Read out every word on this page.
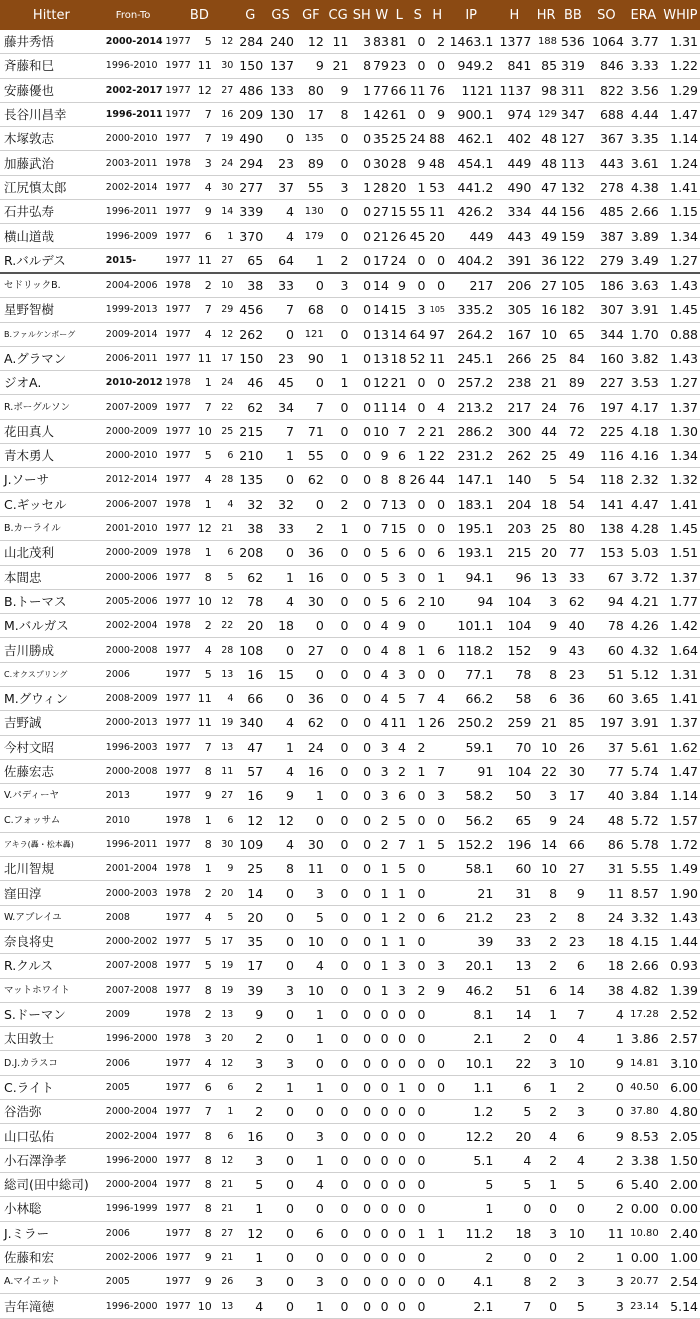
Hitter	Fron-To	BD			G	GS	GF	CG	SH	W	L	S	H	IP	H	HR	BB	SO	ERA	WHIP
藤井秀悟	2000-2014	1977	5	12	284	240	12	11	3	83	81	0	2	1463.1	1377	188	536	1064	3.77	1.31
斉藤和巳	1996-2010	1977	11	30	150	137	9	21	8	79	23	0	0	949.2	841	85	319	846	3.33	1.22
安藤優也	2002-2017	1977	12	27	486	133	80	9	1	77	66	11	76	1121	1137	98	311	822	3.56	1.29
長谷川昌幸	1996-2011	1977	7	16	209	130	17	8	1	42	61	0	9	900.1	974	129	347	688	4.44	1.47
木塚敦志	2000-2010	1977	7	19	490	0	135	0	0	35	25	24	88	462.1	402	48	127	367	3.35	1.14
加藤武治	2003-2011	1978	3	24	294	23	89	0	0	30	28	9	48	454.1	449	48	113	443	3.61	1.24
江尻慎太郎	2002-2014	1977	4	30	277	37	55	3	1	28	20	1	53	441.2	490	47	132	278	4.38	1.41
石井弘寿	1996-2011	1977	9	14	339	4	130	0	0	27	15	55	11	426.2	334	44	156	485	2.66	1.15
横山道哉	1996-2009	1977	6	1	370	4	179	0	0	21	26	45	20	449	443	49	159	387	3.89	1.34
R.バルデス	2015-	1977	11	27	65	64	1	2	0	17	24	0	0	404.2	391	36	122	279	3.49	1.27
セドリックB.	2004-2006	1978	2	10	38	33	0	3	0	14	9	0	0	217	206	27	105	186	3.63	1.43
星野智樹	1999-2013	1977	7	29	456	7	68	0	0	14	15	3	105	335.2	305	16	182	307	3.91	1.45
B.ファルケンボーグ	2009-2014	1977	4	12	262	0	121	0	0	13	14	64	97	264.2	167	10	65	344	1.70	0.88
A.グラマン	2006-2011	1977	11	17	150	23	90	1	0	13	18	52	11	245.1	266	25	84	160	3.82	1.43
ジオA.	2010-2012	1978	1	24	46	45	0	1	0	12	21	0	0	257.2	238	21	89	227	3.53	1.27
R.ボーグルソン	2007-2009	1977	7	22	62	34	7	0	0	11	14	0	4	213.2	217	24	76	197	4.17	1.37
花田真人	2000-2009	1977	10	25	215	7	71	0	0	10	7	2	21	286.2	300	44	72	225	4.18	1.30
青木勇人	2000-2010	1977	5	6	210	1	55	0	0	9	6	1	22	231.2	262	25	49	116	4.16	1.34
J.ソーサ	2012-2014	1977	4	28	135	0	62	0	0	8	8	26	44	147.1	140	5	54	118	2.32	1.32
C.ギッセル	2006-2007	1978	1	4	32	32	0	2	0	7	13	0	0	183.1	204	18	54	141	4.47	1.41
B.カーライル	2001-2010	1977	12	21	38	33	2	1	0	7	15	0	0	195.1	203	25	80	138	4.28	1.45
山北茂利	2000-2009	1978	1	6	208	0	36	0	0	5	6	0	6	193.1	215	20	77	153	5.03	1.51
本間忠	2000-2006	1977	8	5	62	1	16	0	0	5	3	0	1	94.1	96	13	33	67	3.72	1.37
B.トーマス	2005-2006	1977	10	12	78	4	30	0	0	5	6	2	10	94	104	3	62	94	4.21	1.77
M.バルガス	2002-2004	1978	2	22	20	18	0	0	0	4	9	0		101.1	104	9	40	78	4.26	1.42
吉川勝成	2000-2008	1977	4	28	108	0	27	0	0	4	8	1	6	118.2	152	9	43	60	4.32	1.64
C.オクスプリング	2006	1977	5	13	16	15	0	0	0	4	3	0	0	77.1	78	8	23	51	5.12	1.31
M.グウィン	2008-2009	1977	11	4	66	0	36	0	0	4	5	7	4	66.2	58	6	36	60	3.65	1.41
吉野誠	2000-2013	1977	11	19	340	4	62	0	0	4	11	1	26	250.2	259	21	85	197	3.91	1.37
今村文昭	1996-2003	1977	7	13	47	1	24	0	0	3	4	2		59.1	70	10	26	37	5.61	1.62
佐藤宏志	2000-2008	1977	8	11	57	4	16	0	0	3	2	1	7	91	104	22	30	77	5.74	1.47
V.パディーヤ	2013	1977	9	27	16	9	1	0	0	3	6	0	3	58.2	50	3	17	40	3.84	1.14
C.フォッサム	2010	1978	1	6	12	12	0	0	0	2	5	0	0	56.2	65	9	24	48	5.72	1.57
アキラ(轟・松本轟)	1996-2011	1977	8	30	109	4	30	0	0	2	7	1	5	152.2	196	14	66	86	5.78	1.72
北川智規	2001-2004	1978	1	9	25	8	11	0	0	1	5	0		58.1	60	10	27	31	5.55	1.49
窪田淳	2000-2003	1978	2	20	14	0	3	0	0	1	1	0		21	31	8	9	11	8.57	1.90
W.アブレイユ	2008	1977	4	5	20	0	5	0	0	1	2	0	6	21.2	23	2	8	24	3.32	1.43
奈良将史	2000-2002	1977	5	17	35	0	10	0	0	1	1	0		39	33	2	23	18	4.15	1.44
R.クルス	2007-2008	1977	5	19	17	0	4	0	0	1	3	0	3	20.1	13	2	6	18	2.66	0.93
マットホワイト	2007-2008	1977	8	19	39	3	10	0	0	1	3	2	9	46.2	51	6	14	38	4.82	1.39
S.ドーマン	2009	1978	2	13	9	0	1	0	0	0	0	0		8.1	14	1	7	4	17.28	2.52
太田敦士	1996-2000	1978	3	20	2	0	1	0	0	0	0	0		2.1	2	0	4	1	3.86	2.57
D.J.カラスコ	2006	1977	4	12	3	3	0	0	0	0	0	0	0	10.1	22	3	10	9	14.81	3.10
C.ライト	2005	1977	6	6	2	1	1	0	0	0	1	0	0	1.1	6	1	2	0	40.50	6.00
谷浩弥	2000-2004	1977	7	1	2	0	0	0	0	0	0	0		1.2	5	2	3	0	37.80	4.80
山口弘佑	2002-2004	1977	8	6	16	0	3	0	0	0	0	0		12.2	20	4	6	9	8.53	2.05
小石澤浄孝	1996-2000	1977	8	12	3	0	1	0	0	0	0	0		5.1	4	2	4	2	3.38	1.50
総司(田中総司)	2000-2004	1977	8	21	5	0	4	0	0	0	0	0		5	5	1	5	6	5.40	2.00
小林聡	1996-1999	1977	8	21	1	0	0	0	0	0	0	0		1	0	0	0	2	0.00	0.00
J.ミラー	2006	1977	8	27	12	0	6	0	0	0	0	1	1	11.2	18	3	10	11	10.80	2.40
佐藤和宏	2002-2006	1977	9	21	1	0	0	0	0	0	0	0		2	0	0	2	1	0.00	1.00
A.マイエット	2005	1977	9	26	3	0	3	0	0	0	0	0	0	4.1	8	2	3	3	20.77	2.54
吉年滝徳	1996-2000	1977	10	13	4	0	1	0	0	0	0	0		2.1	7	0	5	3	23.14	5.14
